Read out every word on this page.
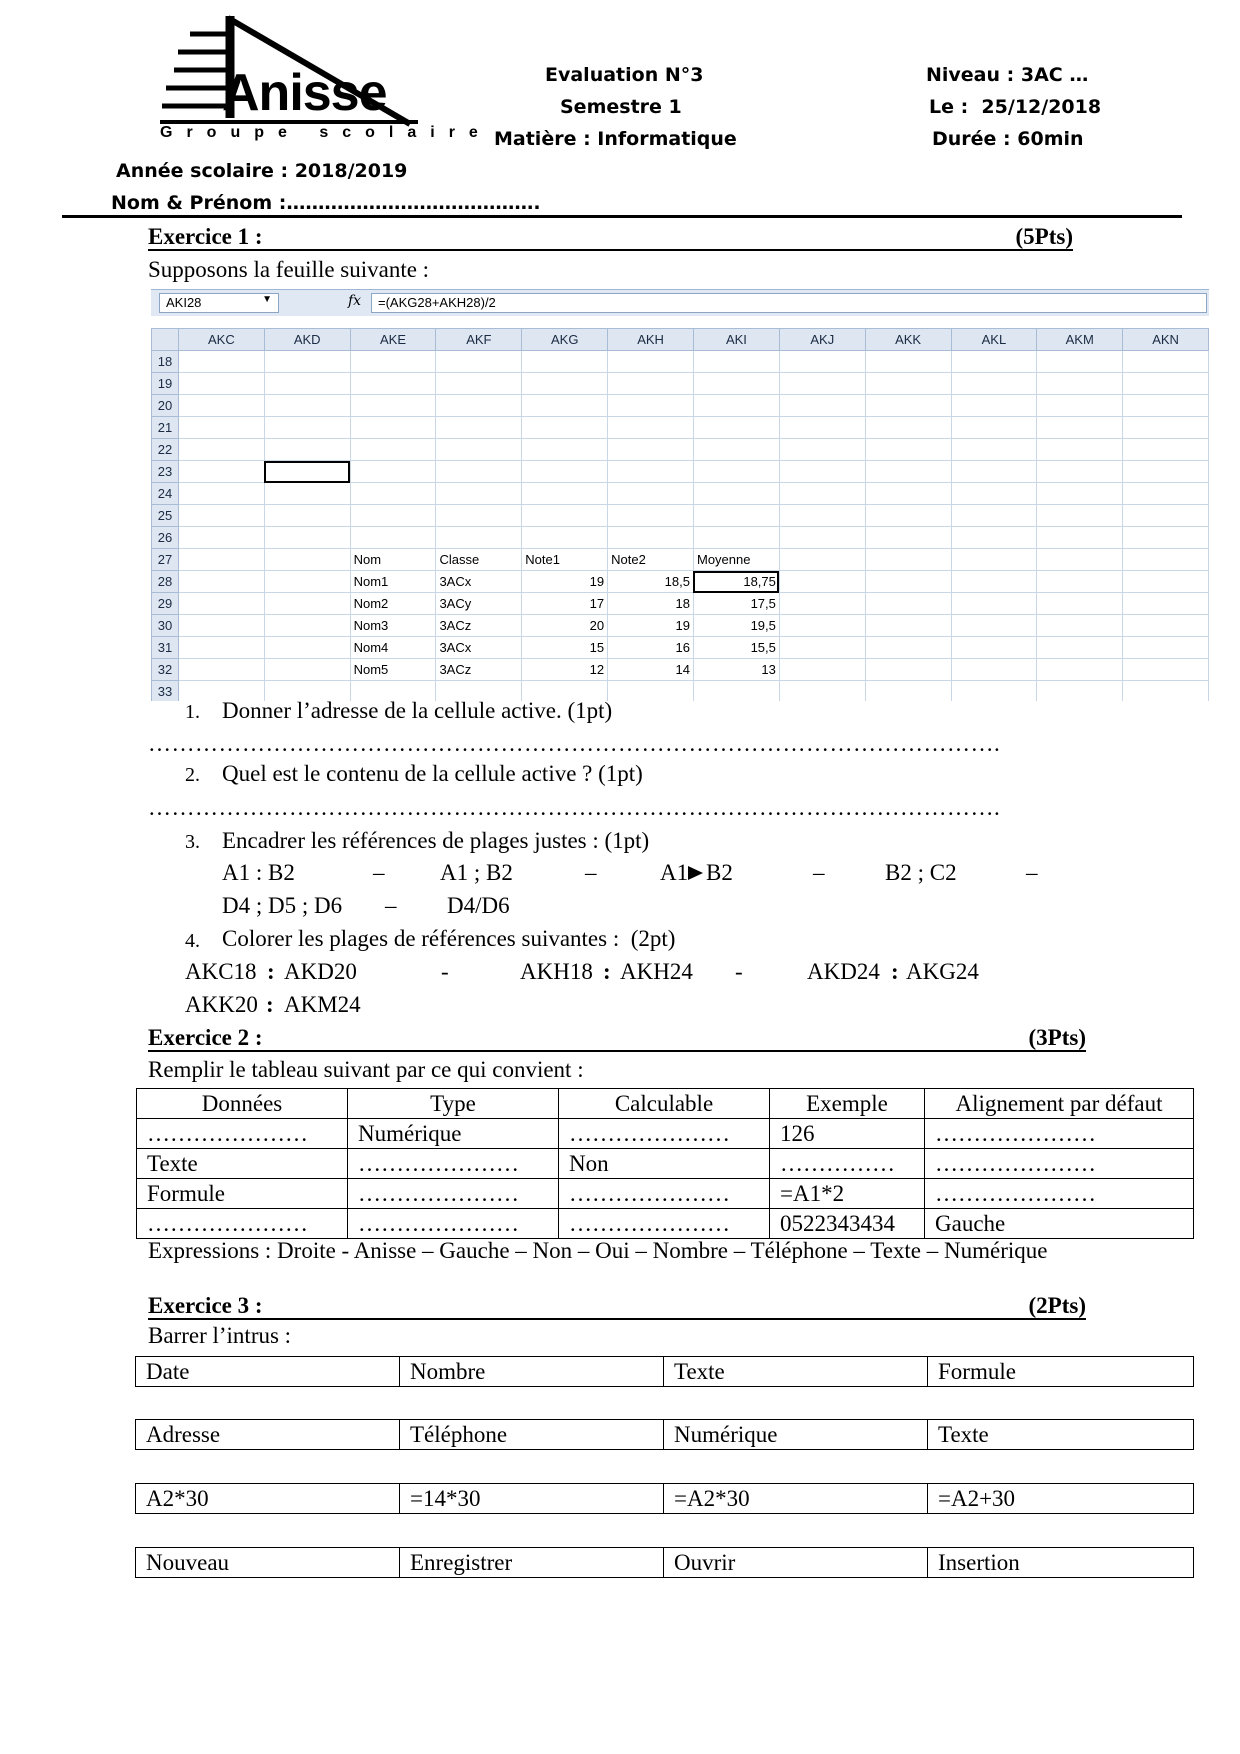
Anisse
Groupe scolaire
Evaluation N°3
Semestre 1
Matière : Informatique
Niveau : 3AC …
Le :  25/12/2018
Durée : 60min
Année scolaire : 2018/2019
Nom & Prénom :………………………………….
Exercice 1 :	(5Pts)
Supposons la feuille suivante :
AKI28	▼	fx	=(AKG28+AKH28)/2
	AKC	AKD	AKE	AKF	AKG	AKH	AKI	AKJ	AKK	AKL	AKM	AKN
18												
19												
20												
21												
22												
23												
24												
25												
26												
27			Nom	Classe	Note1	Note2	Moyenne					
28			Nom1	3ACx	19	18,5	18,75					
29			Nom2	3ACy	17	18	17,5					
30			Nom3	3ACz	20	19	19,5					
31			Nom4	3ACx	15	16	15,5					
32			Nom5	3ACz	12	14	13					
33												
1. Donner l’adresse de la cellule active. (1pt)
……………………………………………………………………………………………….
2. Quel est le contenu de la cellule active ? (1pt)
……………………………………………………………………………………………….
3. Encadrer les références de plages justes : (1pt)
A1 : B2	– A1 ; B2	–	A1 B2	–	B2 ; C2	–
D4 ; D5 ; D6 – D4/D6
4. Colorer les plages de références suivantes :  (2pt)
AKC18 : AKD20	-	AKH18 : AKH24 -	AKD24 : AKG24
AKK20 : AKM24
Exercice 2 :	(3Pts)
Remplir le tableau suivant par ce qui convient :
Données	Type	Calculable	Exemple	Alignement par défaut
…………………	Numérique	…………………	126	…………………
Texte	…………………	Non	……………	…………………
Formule	…………………	…………………	=A1*2	…………………
…………………	…………………	…………………	0522343434	Gauche
Expressions : Droite - Anisse – Gauche – Non – Oui – Nombre – Téléphone – Texte – Numérique
Exercice 3 :	(2Pts)
Barrer l’intrus :
Date	Nombre	Texte	Formule
Adresse	Téléphone	Numérique	Texte
A2*30	=14*30	=A2*30	=A2+30
Nouveau	Enregistrer	Ouvrir	Insertion
